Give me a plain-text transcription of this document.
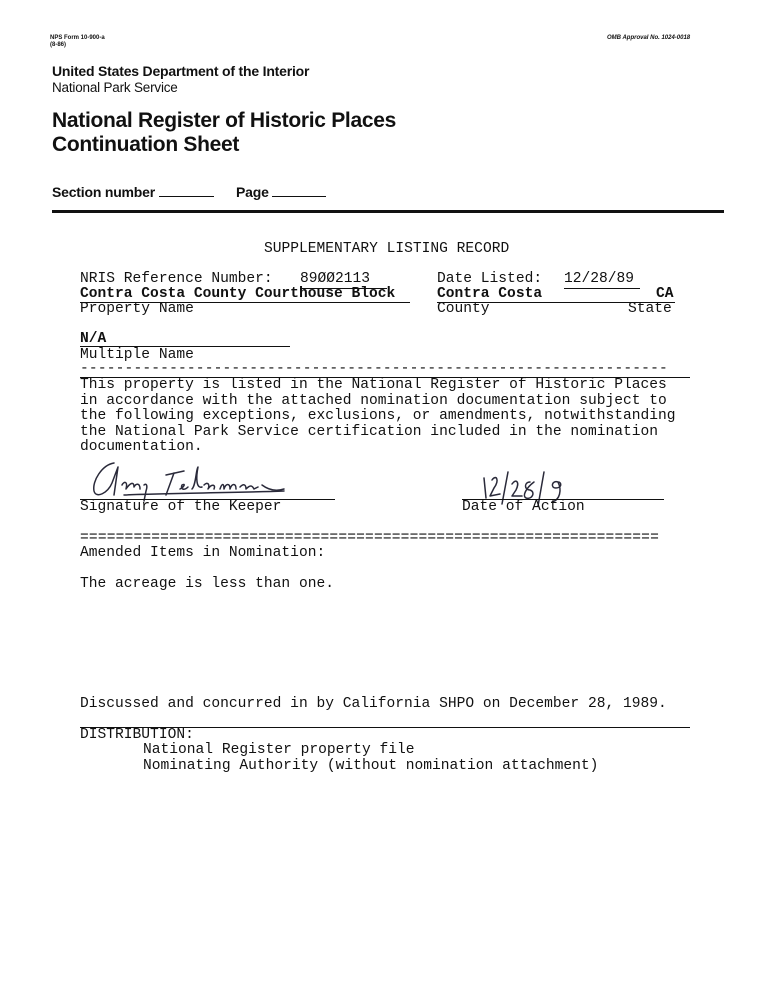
NPS Form 10-900-a
(8-86)
OMB Approval No. 1024-0018
United States Department of the Interior
National Park Service
National Register of Historic Places
Continuation Sheet
Section number	Page
SUPPLEMENTARY LISTING RECORD
NRIS Reference Number: 89ØØ2113	Date Listed: 12/28/89
Contra Costa County Courthouse Block	Contra Costa	CA
Property Name	County	State
N/A
Multiple Name
------------------------------------------------------------------
This property is listed in the National Register of Historic Places
in accordance with the attached nomination documentation subject to
the following exceptions, exclusions, or amendments, notwithstanding
the National Park Service certification included in the nomination
documentation.
Signature of the Keeper	Date of Action
=================================================================
Amended Items in Nomination:
The acreage is less than one.
Discussed and concurred in by California SHPO on December 28, 1989.
DISTRIBUTION:
National Register property file
Nominating Authority (without nomination attachment)
